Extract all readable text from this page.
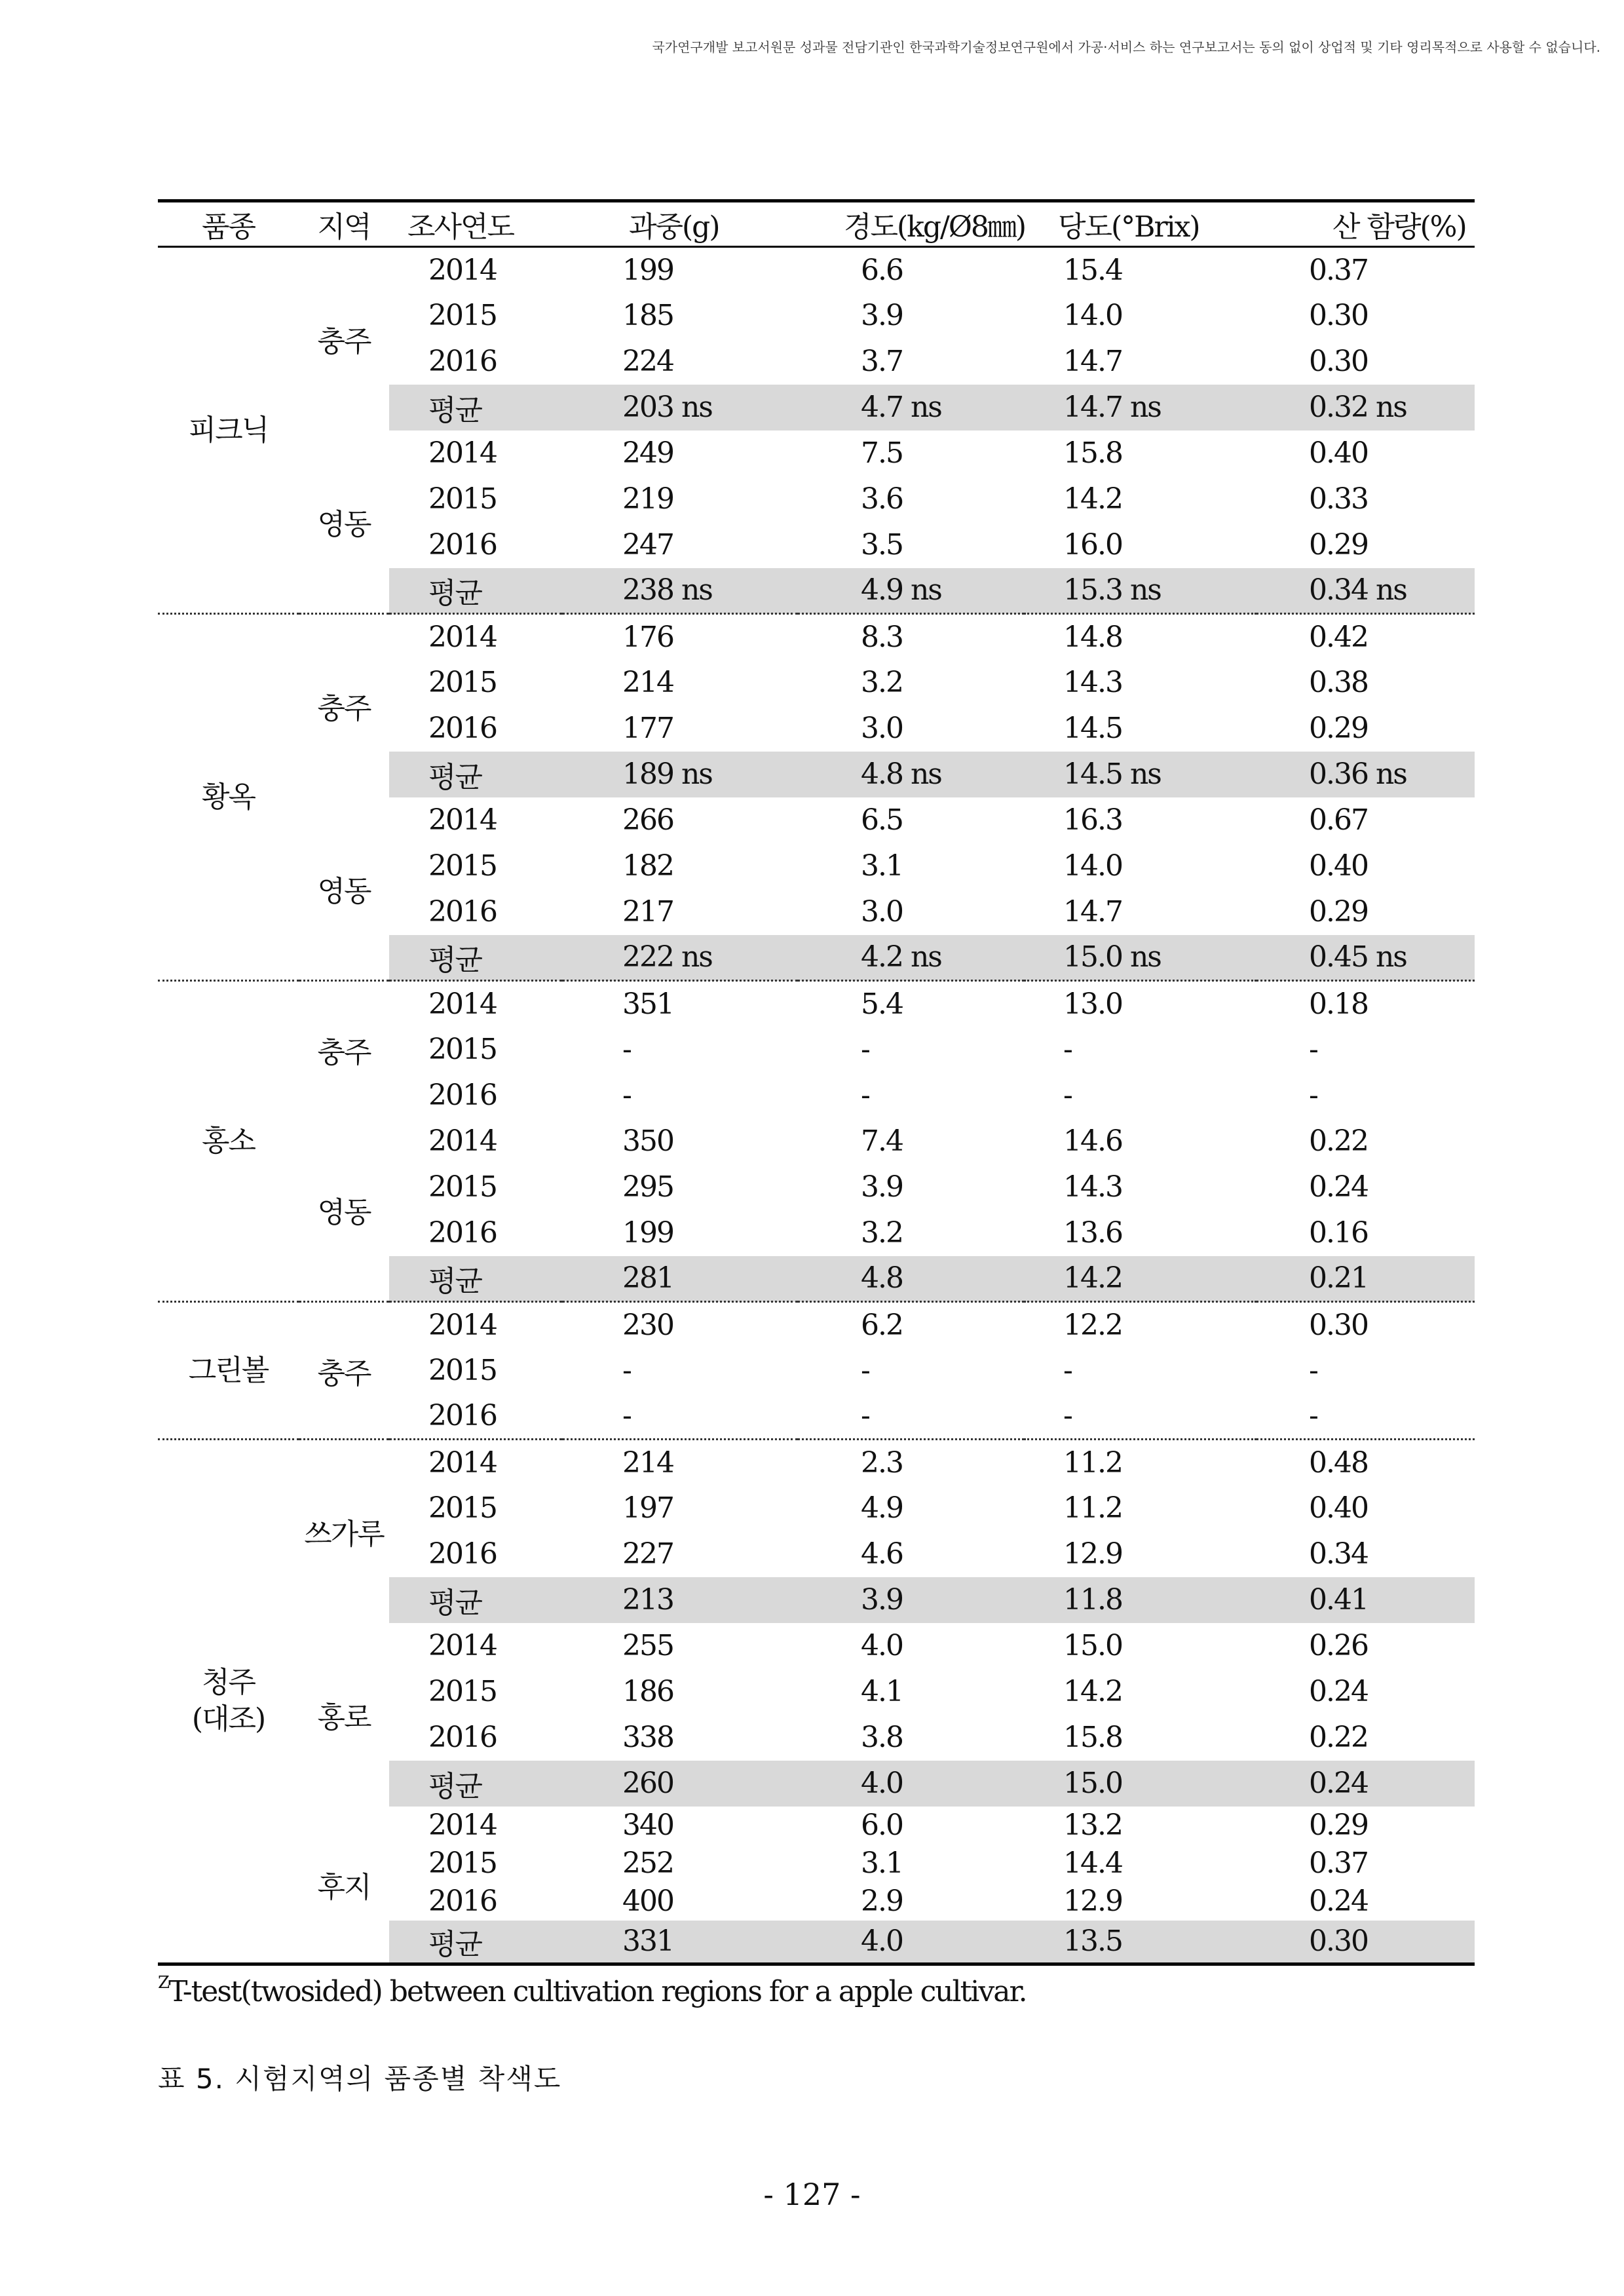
국가연구개발 보고서원문 성과물 전담기관인 한국과학기술정보연구원에서 가공·서비스 하는 연구보고서는 동의 없이 상업적 및 기타 영리목적으로 사용할 수 없습니다.
품종	지역	조사연도	과중(g)	경도(kg/Ø8㎜)	당도(°Brix)	산 함량(%)
피크닉	충주	2014	199	6.6	15.4	0.37
		2015	185	3.9	14.0	0.30
		2016	224	3.7	14.7	0.30
		평균	203 ns	4.7 ns	14.7 ns	0.32 ns
	영동	2014	249	7.5	15.8	0.40
		2015	219	3.6	14.2	0.33
		2016	247	3.5	16.0	0.29
		평균	238 ns	4.9 ns	15.3 ns	0.34 ns
황옥	충주	2014	176	8.3	14.8	0.42
		2015	214	3.2	14.3	0.38
		2016	177	3.0	14.5	0.29
		평균	189 ns	4.8 ns	14.5 ns	0.36 ns
	영동	2014	266	6.5	16.3	0.67
		2015	182	3.1	14.0	0.40
		2016	217	3.0	14.7	0.29
		평균	222 ns	4.2 ns	15.0 ns	0.45 ns
홍소	충주	2014	351	5.4	13.0	0.18
		2015	-	-	-	-
		2016	-	-	-	-
	영동	2014	350	7.4	14.6	0.22
		2015	295	3.9	14.3	0.24
		2016	199	3.2	13.6	0.16
		평균	281	4.8	14.2	0.21
그린볼	충주	2014	230	6.2	12.2	0.30
		2015	-	-	-	-
		2016	-	-	-	-
청주
(대조)	쓰가루	2014	214	2.3	11.2	0.48
		2015	197	4.9	11.2	0.40
		2016	227	4.6	12.9	0.34
		평균	213	3.9	11.8	0.41
	홍로	2014	255	4.0	15.0	0.26
		2015	186	4.1	14.2	0.24
		2016	338	3.8	15.8	0.22
		평균	260	4.0	15.0	0.24
	후지	2014	340	6.0	13.2	0.29
		2015	252	3.1	14.4	0.37
		2016	400	2.9	12.9	0.24
		평균	331	4.0	13.5	0.30
$^Z$T-test(twosided) between cultivation regions for a apple cultivar.
표 5. 시험지역의 품종별 착색도
- 127 -
